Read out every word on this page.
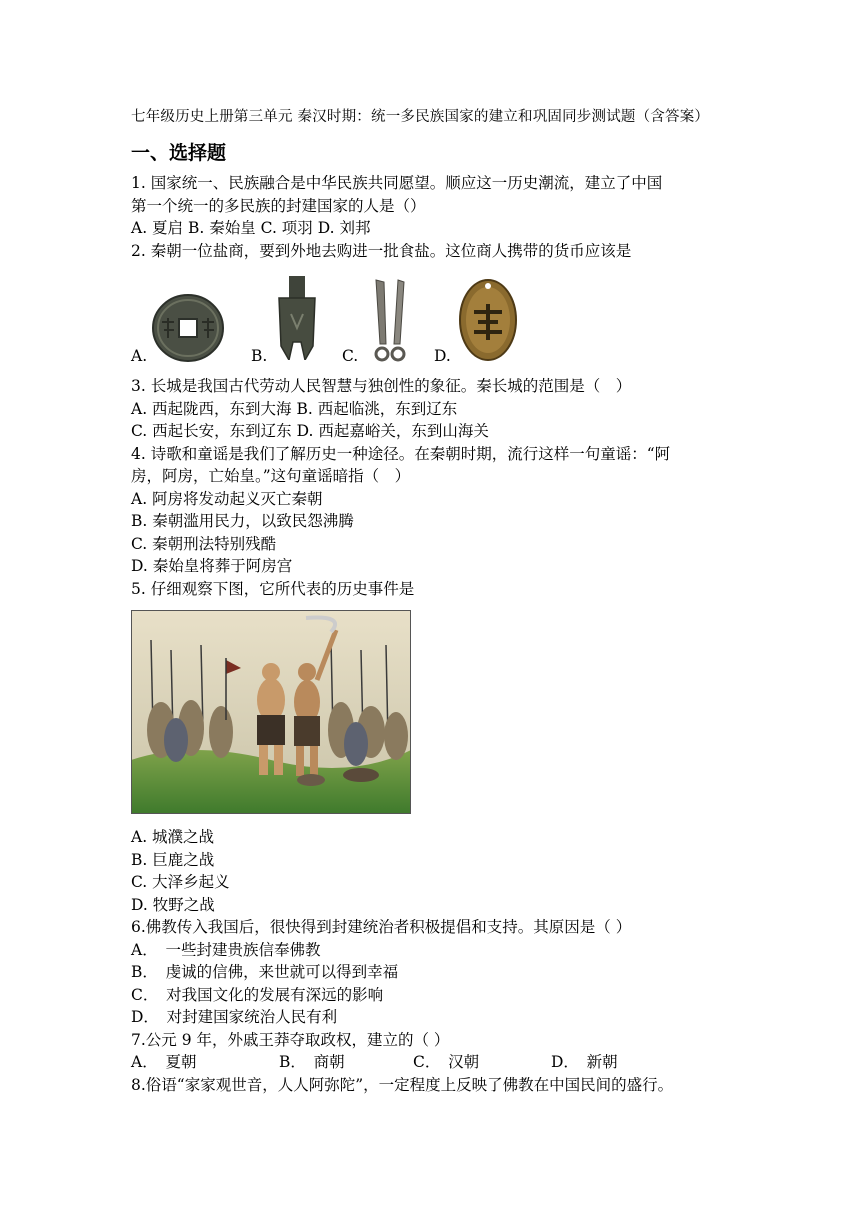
七年级历史上册第三单元 秦汉时期：统一多民族国家的建立和巩固同步测试题（含答案）
一、选择题
1. 国家统一、民族融合是中华民族共同愿望。顺应这一历史潮流，建立了中国
第一个统一的多民族的封建国家的人是（）
A. 夏启 B. 秦始皇 C. 项羽 D. 刘邦
2. 秦朝一位盐商，要到外地去购进一批食盐。这位商人携带的货币应该是
A.	B.	C.	D.
3. 长城是我国古代劳动人民智慧与独创性的象征。秦长城的范围是（　）
A. 西起陇西，东到大海 B. 西起临洮，东到辽东
C. 西起长安，东到辽东 D. 西起嘉峪关，东到山海关
4. 诗歌和童谣是我们了解历史一种途径。在秦朝时期，流行这样一句童谣：“阿
房，阿房，亡始皇。”这句童谣暗指（　）
A. 阿房将发动起义灭亡秦朝
B. 秦朝滥用民力，以致民怨沸腾
C. 秦朝刑法特别残酷
D. 秦始皇将葬于阿房宫
5. 仔细观察下图，它所代表的历史事件是
A. 城濮之战
B. 巨鹿之战
C. 大泽乡起义
D. 牧野之战
6.佛教传入我国后，很快得到封建统治者积极提倡和支持。其原因是（ ）
A．　一些封建贵族信奉佛教
B．　虔诚的信佛，来世就可以得到幸福
C．　对我国文化的发展有深远的影响
D．　对封建国家统治人民有利
7.公元 9 年，外戚王莽夺取政权，建立的（ ）
A．　夏朝	B．　商朝	C．　汉朝	D．　新朝
8.俗语“家家观世音，人人阿弥陀”，一定程度上反映了佛教在中国民间的盛行。
